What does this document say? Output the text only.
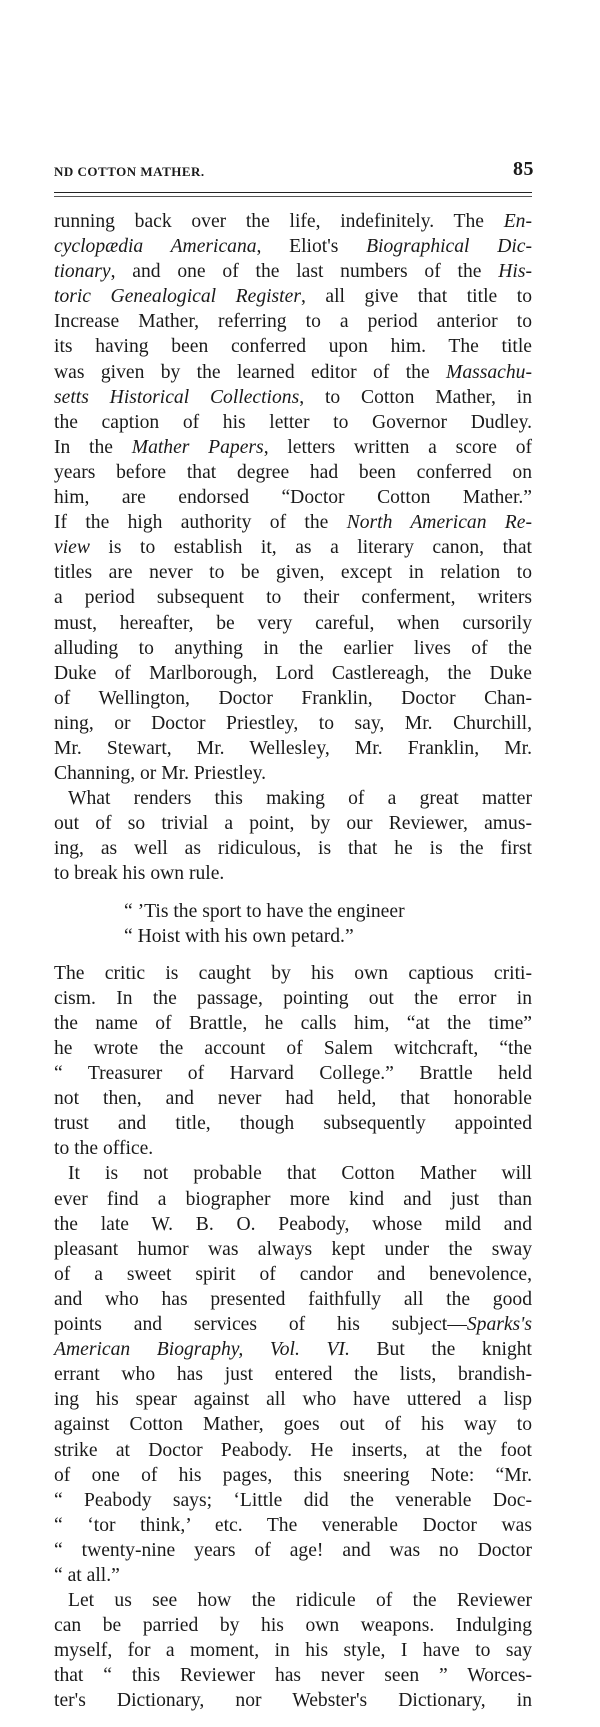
ND COTTON MATHER.	85
running back over the life, indefinitely. The En-
cyclopædia Americana, Eliot's Biographical Dic-
tionary, and one of the last numbers of the His-
toric Genealogical Register, all give that title to
Increase Mather, referring to a period anterior to
its having been conferred upon him. The title
was given by the learned editor of the Massachu-
setts Historical Collections, to Cotton Mather, in
the caption of his letter to Governor Dudley.
In the Mather Papers, letters written a score of
years before that degree had been conferred on
him, are endorsed “Doctor Cotton Mather.”
If the high authority of the North American Re-
view is to establish it, as a literary canon, that
titles are never to be given, except in relation to
a period subsequent to their conferment, writers
must, hereafter, be very careful, when cursorily
alluding to anything in the earlier lives of the
Duke of Marlborough, Lord Castlereagh, the Duke
of Wellington, Doctor Franklin, Doctor Chan-
ning, or Doctor Priestley, to say, Mr. Churchill,
Mr. Stewart, Mr. Wellesley, Mr. Franklin, Mr.
Channing, or Mr. Priestley.
What renders this making of a great matter
out of so trivial a point, by our Reviewer, amus-
ing, as well as ridiculous, is that he is the first
to break his own rule.
“ ’Tis the sport to have the engineer
“ Hoist with his own petard.”
The critic is caught by his own captious criti-
cism. In the passage, pointing out the error in
the name of Brattle, he calls him, “at the time”
he wrote the account of Salem witchcraft, “the
“ Treasurer of Harvard College.” Brattle held
not then, and never had held, that honorable
trust and title, though subsequently appointed
to the office.
It is not probable that Cotton Mather will
ever find a biographer more kind and just than
the late W. B. O. Peabody, whose mild and
pleasant humor was always kept under the sway
of a sweet spirit of candor and benevolence,
and who has presented faithfully all the good
points and services of his subject—Sparks's
American Biography, Vol. VI. But the knight
errant who has just entered the lists, brandish-
ing his spear against all who have uttered a lisp
against Cotton Mather, goes out of his way to
strike at Doctor Peabody. He inserts, at the foot
of one of his pages, this sneering Note: “Mr.
“ Peabody says; ‘Little did the venerable Doc-
“ ‘tor think,’ etc. The venerable Doctor was
“ twenty-nine years of age! and was no Doctor
“ at all.”
Let us see how the ridicule of the Reviewer
can be parried by his own weapons. Indulging
myself, for a moment, in his style, I have to say
that “ this Reviewer has never seen ” Worces-
ter's Dictionary, nor Webster's Dictionary, in
